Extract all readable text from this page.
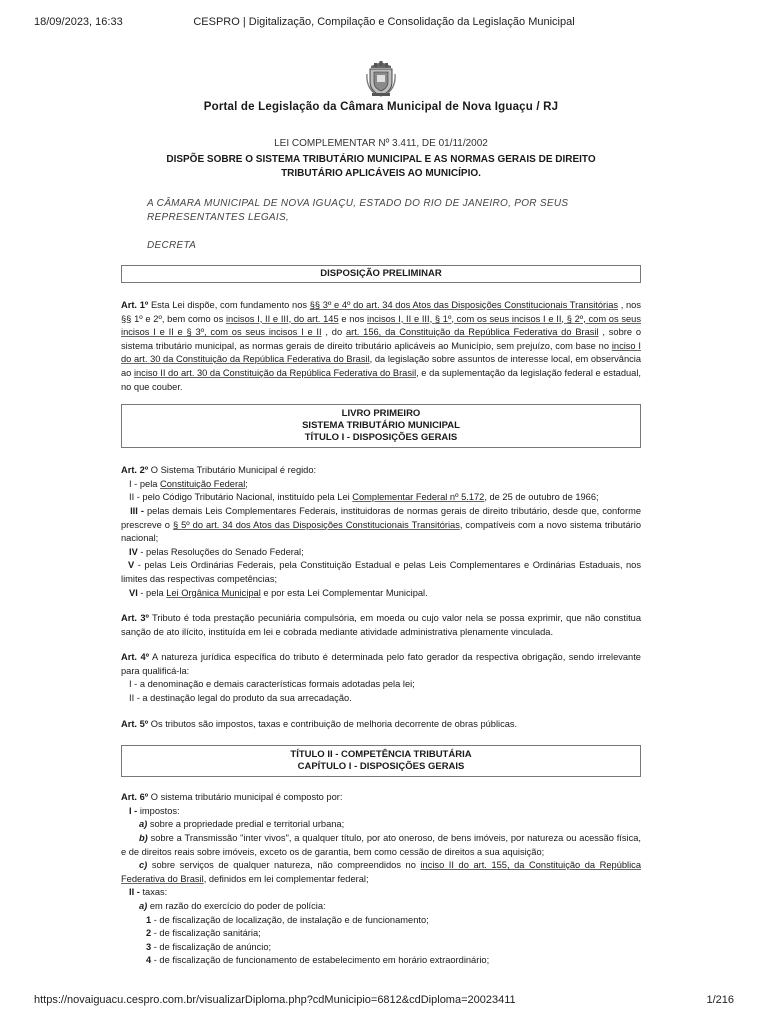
18/09/2023, 16:33	CESPRO | Digitalização, Compilação e Consolidação da Legislação Municipal
Portal de Legislação da Câmara Municipal de Nova Iguaçu / RJ
LEI COMPLEMENTAR Nº 3.411, DE 01/11/2002
DISPÕE SOBRE O SISTEMA TRIBUTÁRIO MUNICIPAL E AS NORMAS GERAIS DE DIREITO TRIBUTÁRIO APLICÁVEIS AO MUNICÍPIO.
A CÂMARA MUNICIPAL DE NOVA IGUAÇU, ESTADO DO RIO DE JANEIRO, POR SEUS REPRESENTANTES LEGAIS,
DECRETA
DISPOSIÇÃO PRELIMINAR
Art. 1º Esta Lei dispõe, com fundamento nos §§ 3º e 4º do art. 34 dos Atos das Disposições Constitucionais Transitórias , nos §§ 1º e 2º, bem como os incisos I, II e III, do art. 145 e nos incisos I, II e III, § 1º, com os seus incisos I e II, § 2º, com os seus incisos I e II e § 3º, com os seus incisos I e II , do art. 156, da Constituição da República Federativa do Brasil , sobre o sistema tributário municipal, as normas gerais de direito tributário aplicáveis ao Município, sem prejuízo, com base no inciso I do art. 30 da Constituição da República Federativa do Brasil, da legislação sobre assuntos de interesse local, em observância ao inciso II do art. 30 da Constituição da República Federativa do Brasil, e da suplementação da legislação federal e estadual, no que couber.
LIVRO PRIMEIRO
SISTEMA TRIBUTÁRIO MUNICIPAL
TÍTULO I - DISPOSIÇÕES GERAIS
Art. 2º O Sistema Tributário Municipal é regido:
I - pela Constituição Federal;
II - pelo Código Tributário Nacional, instituído pela Lei Complementar Federal nº 5.172, de 25 de outubro de 1966;
III - pelas demais Leis Complementares Federais, instituidoras de normas gerais de direito tributário, desde que, conforme prescreve o § 5º do art. 34 dos Atos das Disposições Constitucionais Transitórias, compatíveis com a novo sistema tributário nacional;
IV - pelas Resoluções do Senado Federal;
V - pelas Leis Ordinárias Federais, pela Constituição Estadual e pelas Leis Complementares e Ordinárias Estaduais, nos limites das respectivas competências;
VI - pela Lei Orgânica Municipal e por esta Lei Complementar Municipal.
Art. 3º Tributo é toda prestação pecuniária compulsória, em moeda ou cujo valor nela se possa exprimir, que não constitua sanção de ato ilícito, instituída em lei e cobrada mediante atividade administrativa plenamente vinculada.
Art. 4º A natureza jurídica específica do tributo é determinada pelo fato gerador da respectiva obrigação, sendo irrelevante para qualificá-la:
I - a denominação e demais características formais adotadas pela lei;
II - a destinação legal do produto da sua arrecadação.
Art. 5º Os tributos são impostos, taxas e contribuição de melhoria decorrente de obras públicas.
TÍTULO II - COMPETÊNCIA TRIBUTÁRIA
CAPÍTULO I - DISPOSIÇÕES GERAIS
Art. 6º O sistema tributário municipal é composto por:
I - impostos:
a) sobre a propriedade predial e territorial urbana;
b) sobre a Transmissão "inter vivos", a qualquer título, por ato oneroso, de bens imóveis, por natureza ou acessão física, e de direitos reais sobre imóveis, exceto os de garantia, bem como cessão de direitos a sua aquisição;
c) sobre serviços de qualquer natureza, não compreendidos no inciso II do art. 155, da Constituição da República Federativa do Brasil, definidos em lei complementar federal;
II - taxas:
a) em razão do exercício do poder de polícia:
1 - de fiscalização de localização, de instalação e de funcionamento;
2 - de fiscalização sanitária;
3 - de fiscalização de anúncio;
4 - de fiscalização de funcionamento de estabelecimento em horário extraordinário;
https://novaiguacu.cespro.com.br/visualizarDiploma.php?cdMunicipio=6812&cdDiploma=20023411	1/216
